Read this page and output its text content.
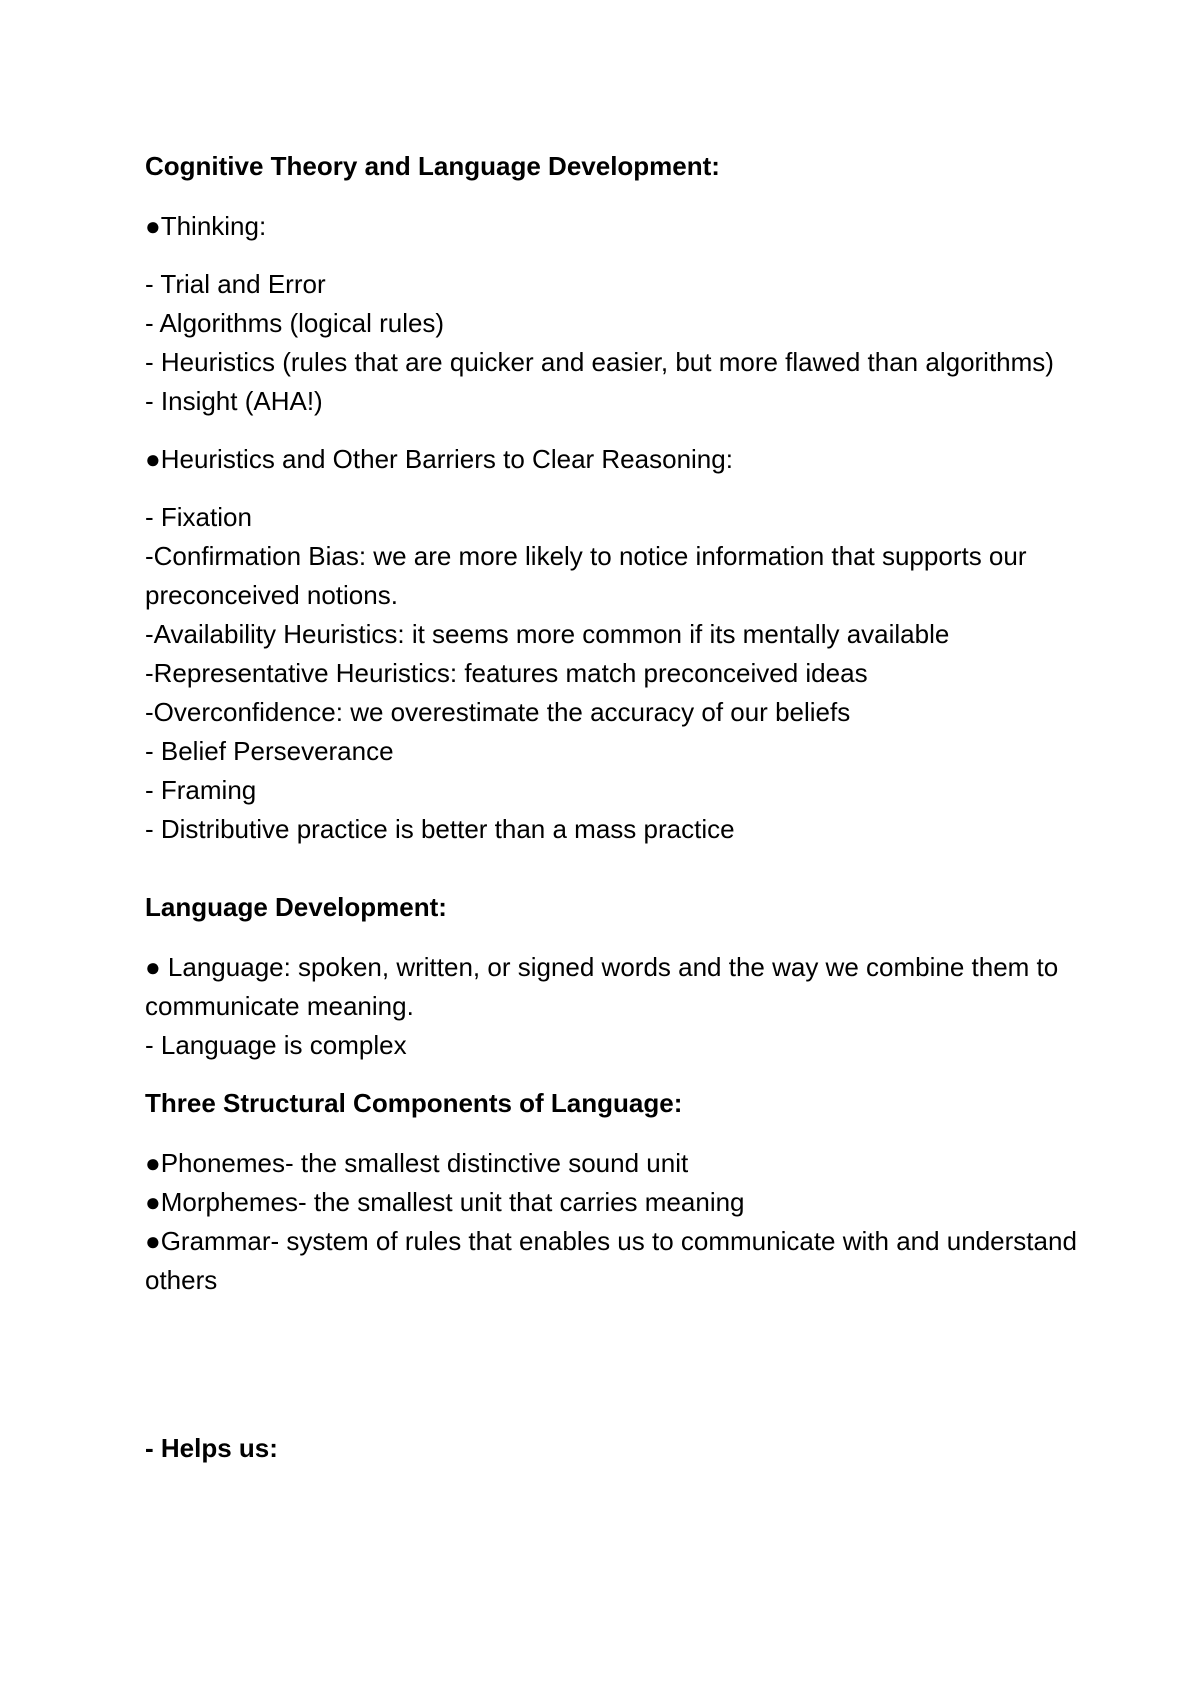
Cognitive Theory and Language Development:
●Thinking:
- Trial and Error
- Algorithms (logical rules)
- Heuristics (rules that are quicker and easier, but more flawed than algorithms)
- Insight (AHA!)
●Heuristics and Other Barriers to Clear Reasoning:
- Fixation
-Confirmation Bias: we are more likely to notice information that supports our preconceived notions.
-Availability Heuristics: it seems more common if its mentally available
-Representative Heuristics: features match preconceived ideas
-Overconfidence: we overestimate the accuracy of our beliefs
- Belief Perseverance
- Framing
- Distributive practice is better than a mass practice
Language Development:
● Language: spoken, written, or signed words and the way we combine them to communicate meaning.
- Language is complex
Three Structural Components of Language:
●Phonemes- the smallest distinctive sound unit
●Morphemes- the smallest unit that carries meaning
●Grammar- system of rules that enables us to communicate with and understand others
- Helps us:
